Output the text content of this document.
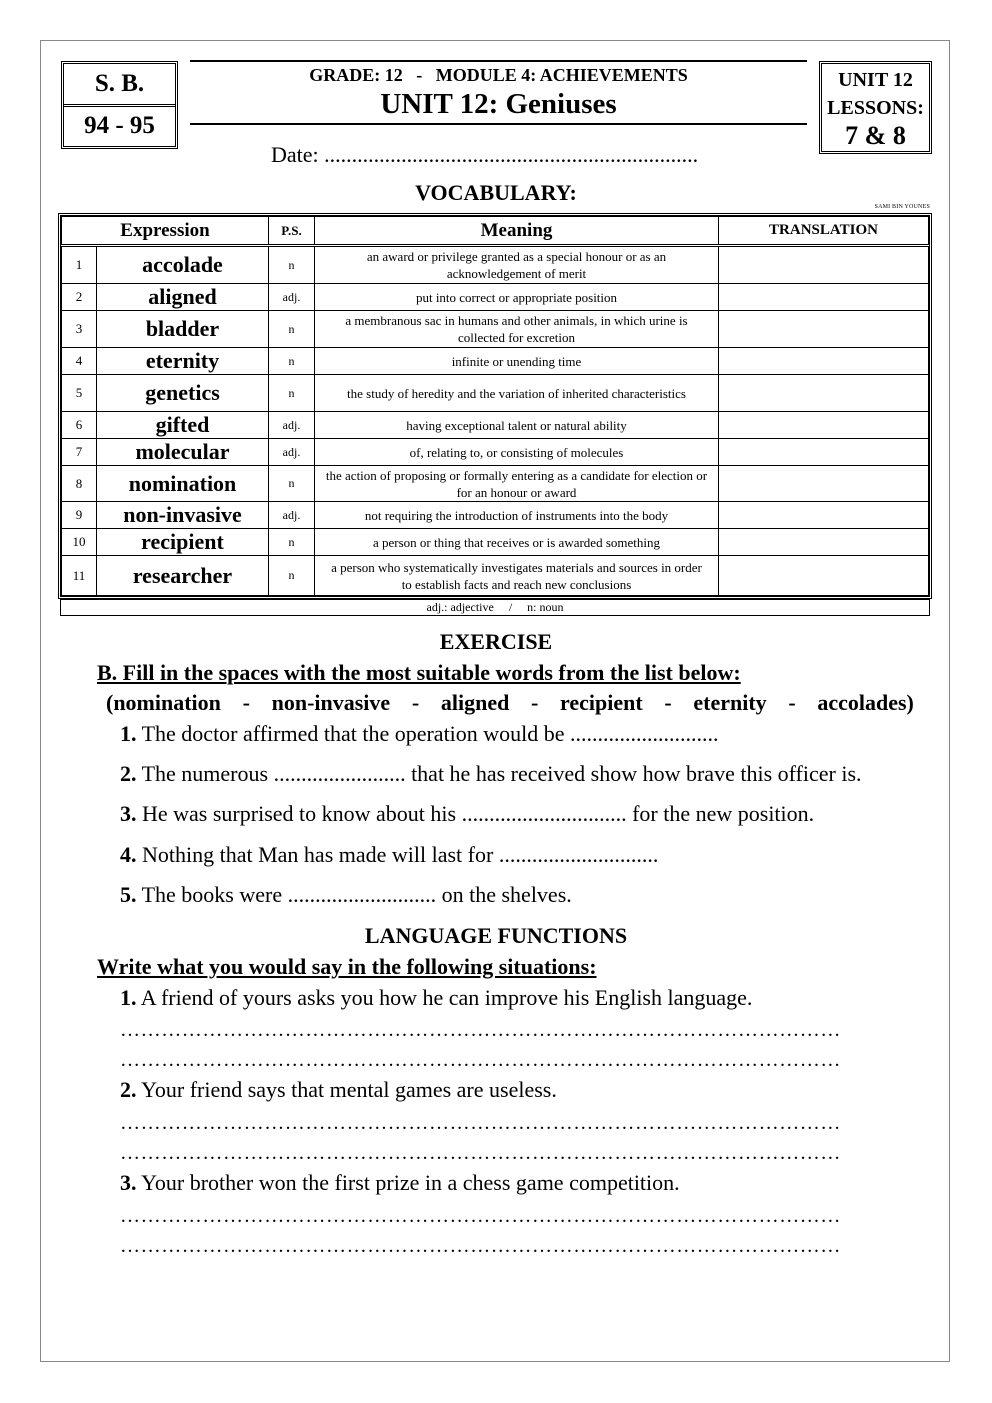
S. B.
94 - 95
GRADE: 12   -   MODULE 4: ACHIEVEMENTS
UNIT 12: Geniuses
Date: ....................................................................
UNIT 12
LESSONS:
7 & 8
VOCABULARY:
SAMI BIN YOUNES
Expression		P.S.	Meaning	TRANSLATION
1	accolade	n	an award or privilege granted as a special honour or as an acknowledgement of merit	
2	aligned	adj.	put into correct or appropriate position	
3	bladder	n	a membranous sac in humans and other animals, in which urine is collected for excretion	
4	eternity	n	infinite or unending time	
5	genetics	n	the study of heredity and the variation of inherited characteristics	
6	gifted	adj.	having exceptional talent or natural ability	
7	molecular	adj.	of, relating to, or consisting of molecules	
8	nomination	n	the action of proposing or formally entering as a candidate for election or for an honour or award	
9	non-invasive	adj.	not requiring the introduction of instruments into the body	
10	recipient	n	a person or thing that receives or is awarded something	
11	researcher	n	a person who systematically investigates materials and sources in order to establish facts and reach new conclusions	
adj.: adjective     /     n: noun
EXERCISE
B. Fill in the spaces with the most suitable words from the list below:
(nomination - non-invasive - aligned - recipient - eternity - accolades)
1. The doctor affirmed that the operation would be ...........................
2. The numerous ........................ that he has received show how brave this officer is.
3. He was surprised to know about his .............................. for the new position.
4. Nothing that Man has made will last for .............................
5. The books were ........................... on the shelves.
LANGUAGE FUNCTIONS
Write what you would say in the following situations:
1. A friend of yours asks you how he can improve his English language.
……………………………………………………………………………………………
……………………………………………………………………………………………
2. Your friend says that mental games are useless.
……………………………………………………………………………………………
……………………………………………………………………………………………
3. Your brother won the first prize in a chess game competition.
……………………………………………………………………………………………
……………………………………………………………………………………………
